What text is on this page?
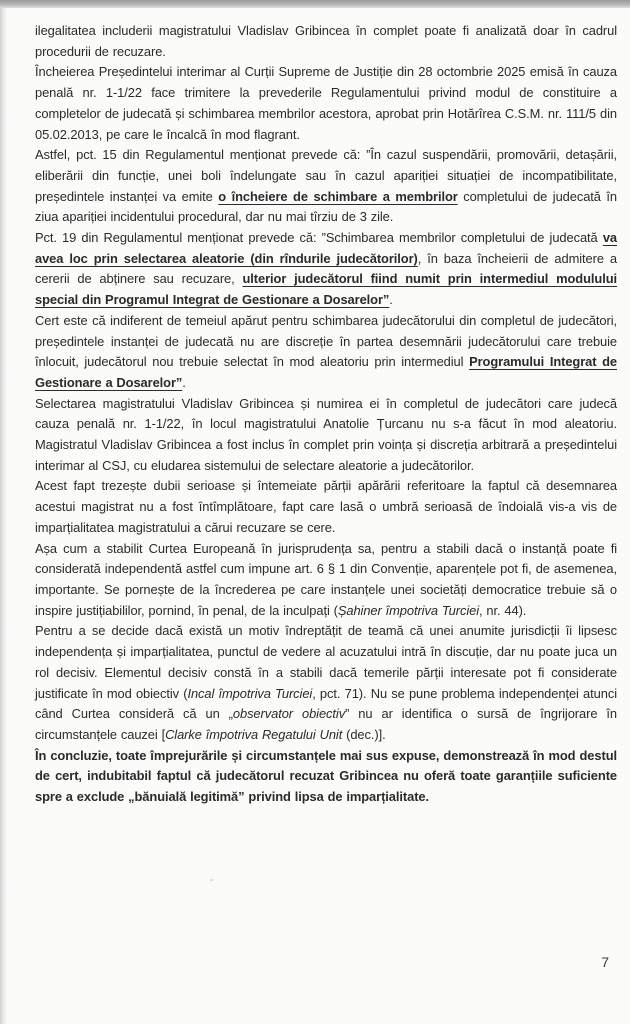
ilegalitatea includerii magistratului Vladislav Gribincea în complet poate fi analizată doar în cadrul procedurii de recuzare.

Încheierea Președintelui interimar al Curții Supreme de Justiție din 28 octombrie 2025 emisă în cauza penală nr. 1-1/22 face trimitere la prevederile Regulamentului privind modul de constituire a completelor de judecată și schimbarea membrilor acestora, aprobat prin Hotărîrea C.S.M. nr. 111/5 din 05.02.2013, pe care le încalcă în mod flagrant.

Astfel, pct. 15 din Regulamentul menționat prevede că: ”În cazul suspendării, promovării, detașării, eliberării din funcție, unei boli îndelungate sau în cazul apariției situației de incompatibilitate, președintele instanței va emite o încheiere de schimbare a membrilor completului de judecată în ziua apariției incidentului procedural, dar nu mai tîrziu de 3 zile.

Pct. 19 din Regulamentul menționat prevede că: ”Schimbarea membrilor completului de judecată va avea loc prin selectarea aleatorie (din rîndurile judecătorilor), în baza încheierii de admitere a cererii de abținere sau recuzare, ulterior judecătorul fiind numit prin intermediul modulului special din Programul Integrat de Gestionare a Dosarelor”.

Cert este că indiferent de temeiul apărut pentru schimbarea judecătorului din completul de judecători, președintele instanței de judecată nu are discreție în partea desemnării judecătorului care trebuie înlocuit, judecătorul nou trebuie selectat în mod aleatoriu prin intermediul Programului Integrat de Gestionare a Dosarelor”.

Selectarea magistratului Vladislav Gribincea și numirea ei în completul de judecători care judecă cauza penală nr. 1-1/22, în locul magistratului Anatolie Țurcanu nu s-a făcut în mod aleatoriu. Magistratul Vladislav Gribincea a fost inclus în complet prin voința și discreția arbitrară a președintelui interimar al CSJ, cu eludarea sistemului de selectare aleatorie a judecătorilor.

Acest fapt trezește dubii serioase și întemeiate părții apărării referitoare la faptul că desemnarea acestui magistrat nu a fost întîmplătoare, fapt care lasă o umbră serioasă de îndoială vis-a vis de imparțialitatea magistratului a cărui recuzare se cere.

Așa cum a stabilit Curtea Europeană în jurisprudența sa, pentru a stabili dacă o instanță poate fi considerată independentă astfel cum impune art. 6 § 1 din Convenție, aparențele pot fi, de asemenea, importante. Se pornește de la încrederea pe care instanțele unei societăți democratice trebuie să o inspire justițiabililor, pornind, în penal, de la inculpați (Șahiner împotriva Turciei, nr. 44).

Pentru a se decide dacă există un motiv îndreptățit de teamă că unei anumite jurisdicții îi lipsesc independența și imparțialitatea, punctul de vedere al acuzatului intră în discuție, dar nu poate juca un rol decisiv. Elementul decisiv constă în a stabili dacă temerile părții interesate pot fi considerate justificate în mod obiectiv (Incal împotriva Turciei, pct. 71). Nu se pune problema independenței atunci când Curtea consideră că un „observator obiectiv” nu ar identifica o sursă de îngrijorare în circumstanțele cauzei [Clarke împotriva Regatului Unit (dec.)].

În concluzie, toate împrejurările și circumstanțele mai sus expuse, demonstrează în mod destul de cert, indubitabil faptul că judecătorul recuzat Gribincea nu oferă toate garanțiile suficiente spre a exclude „bănuială legitimă” privind lipsa de imparțialitate.

7
